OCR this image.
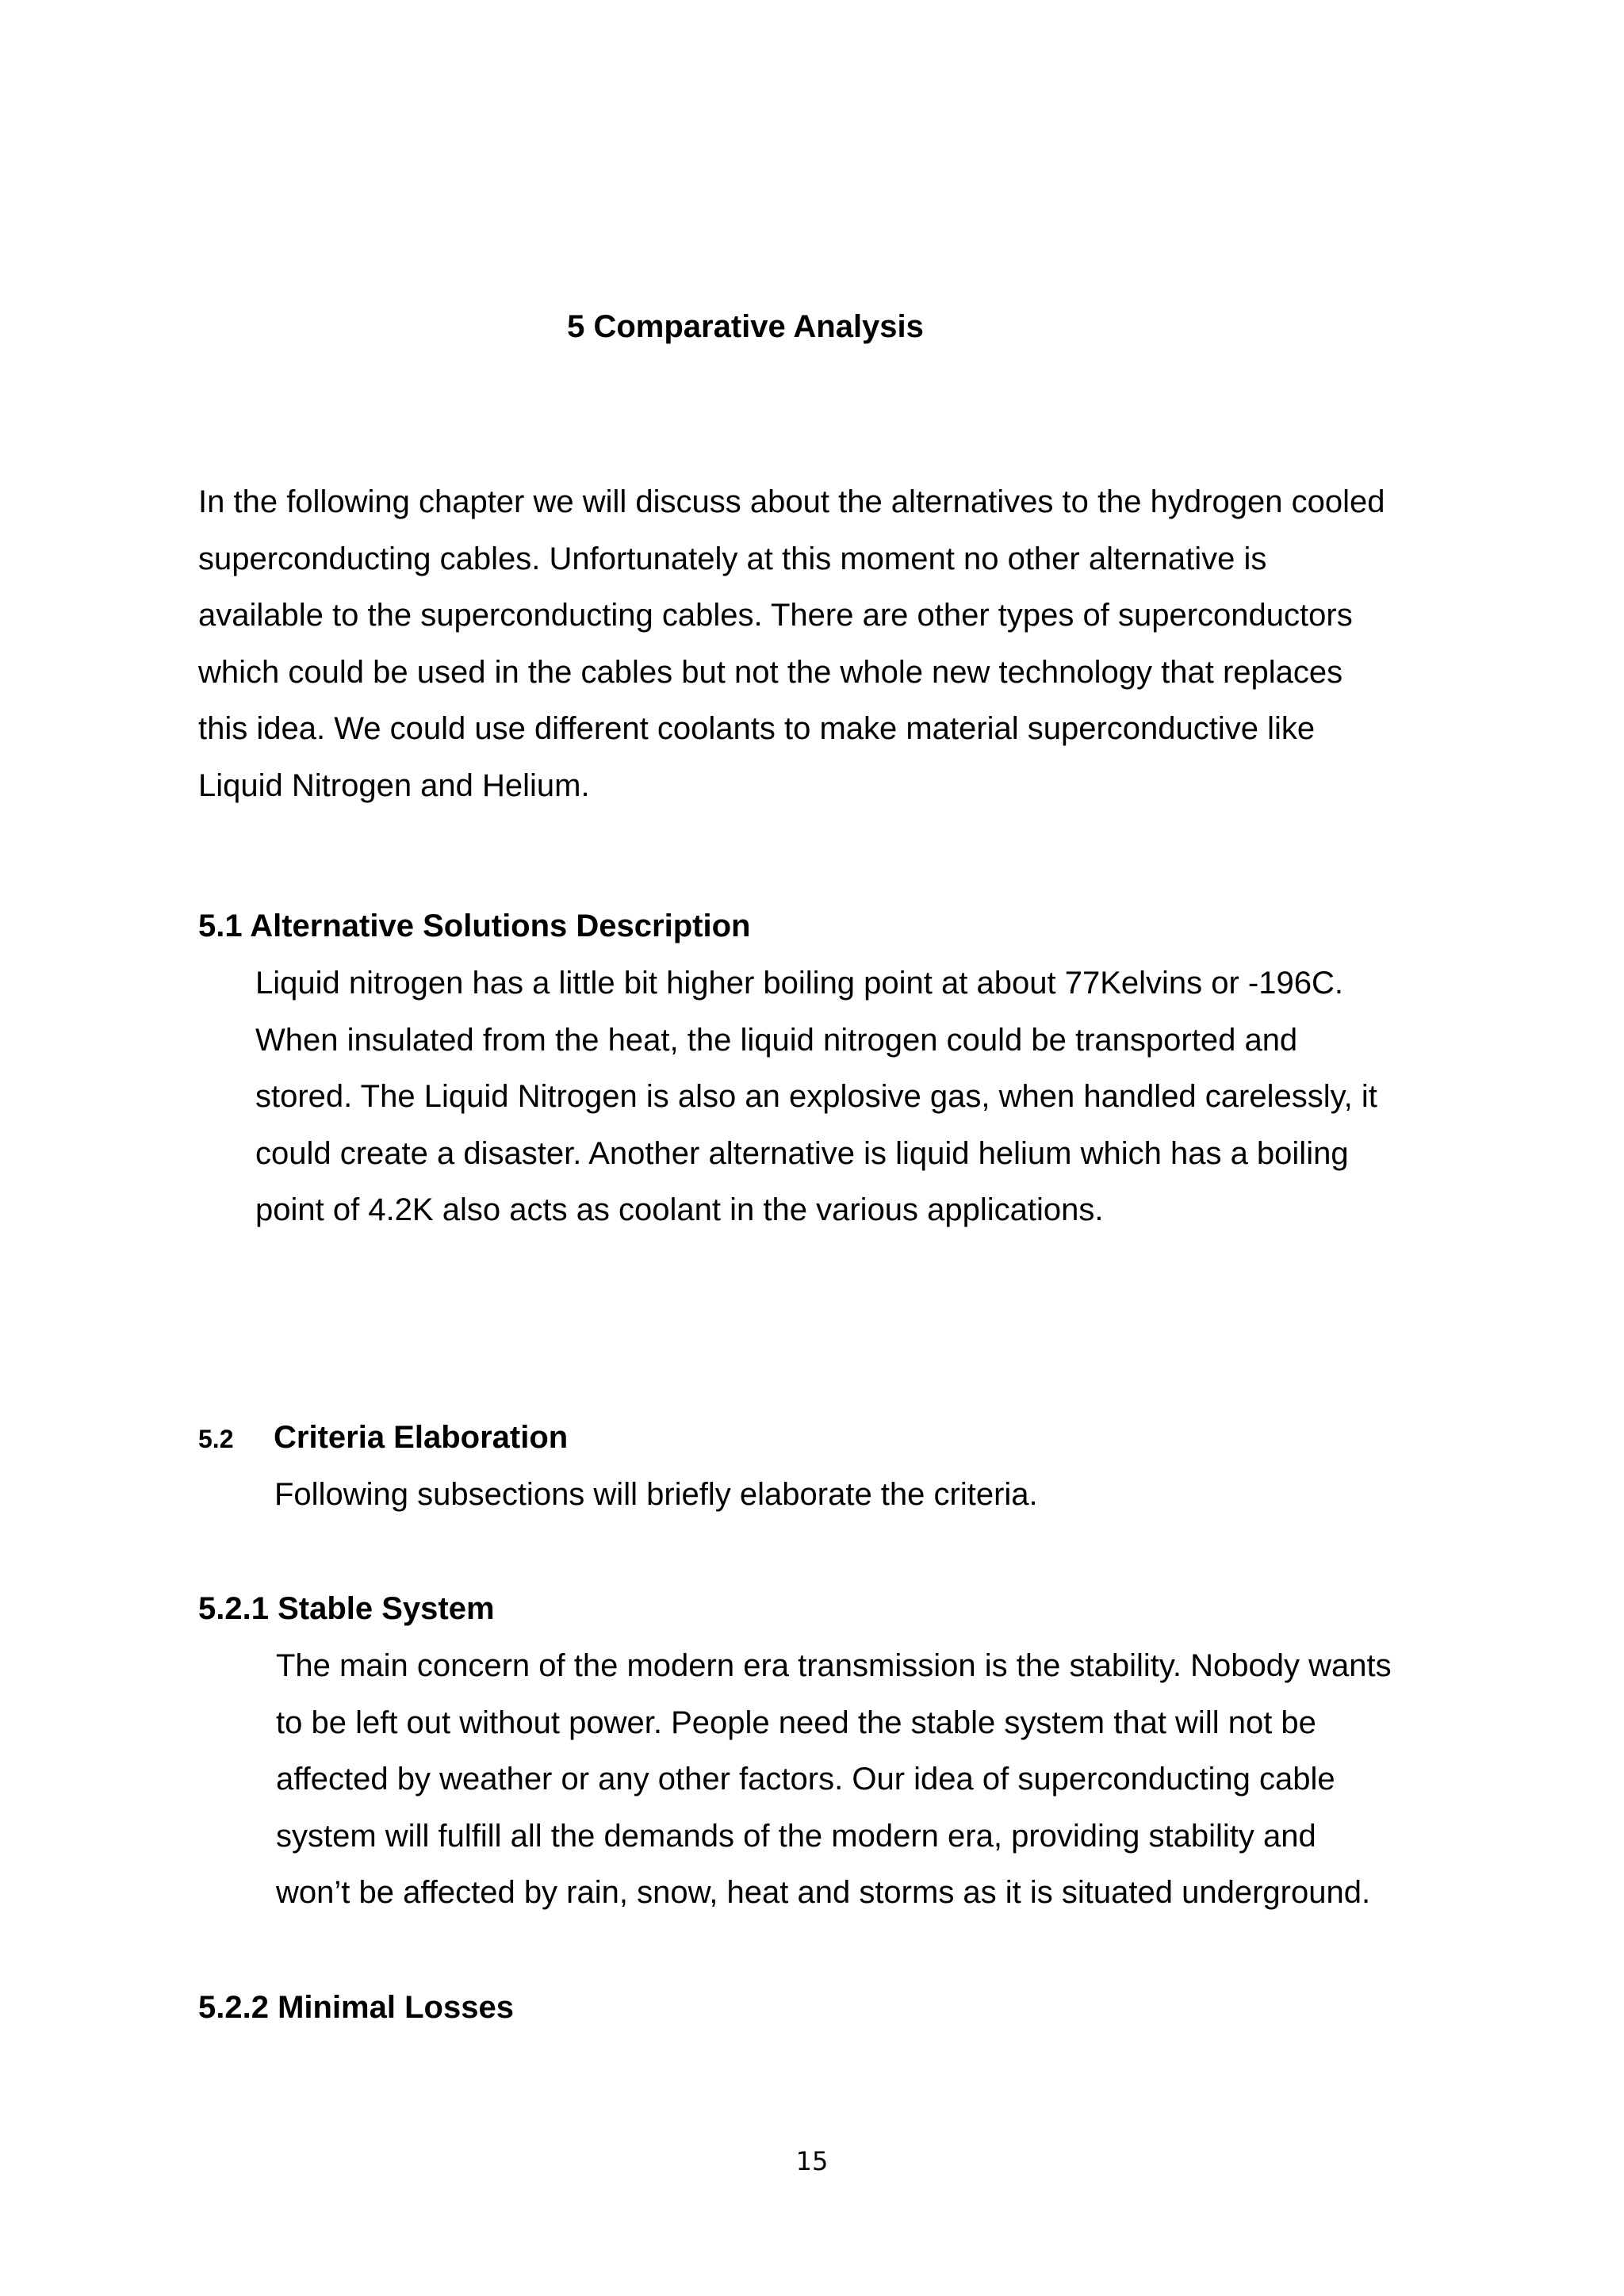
5 Comparative Analysis

In the following chapter we will discuss about the alternatives to the hydrogen cooled
superconducting cables. Unfortunately at this moment no other alternative is
available to the superconducting cables. There are other types of superconductors
which could be used in the cables but not the whole new technology that replaces
this idea. We could use different coolants to make material superconductive like
Liquid Nitrogen and Helium.

5.1 Alternative Solutions Description

Liquid nitrogen has a little bit higher boiling point at about 77Kelvins or -196C.
When insulated from the heat, the liquid nitrogen could be transported and
stored. The Liquid Nitrogen is also an explosive gas, when handled carelessly, it
could create a disaster. Another alternative is liquid helium which has a boiling
point of 4.2K also acts as coolant in the various applications.

5.2 Criteria Elaboration

Following subsections will briefly elaborate the criteria.

5.2.1 Stable System

The main concern of the modern era transmission is the stability. Nobody wants
to be left out without power. People need the stable system that will not be
affected by weather or any other factors. Our idea of superconducting cable
system will fulfill all the demands of the modern era, providing stability and
won’t be affected by rain, snow, heat and storms as it is situated underground.

5.2.2 Minimal Losses
15
